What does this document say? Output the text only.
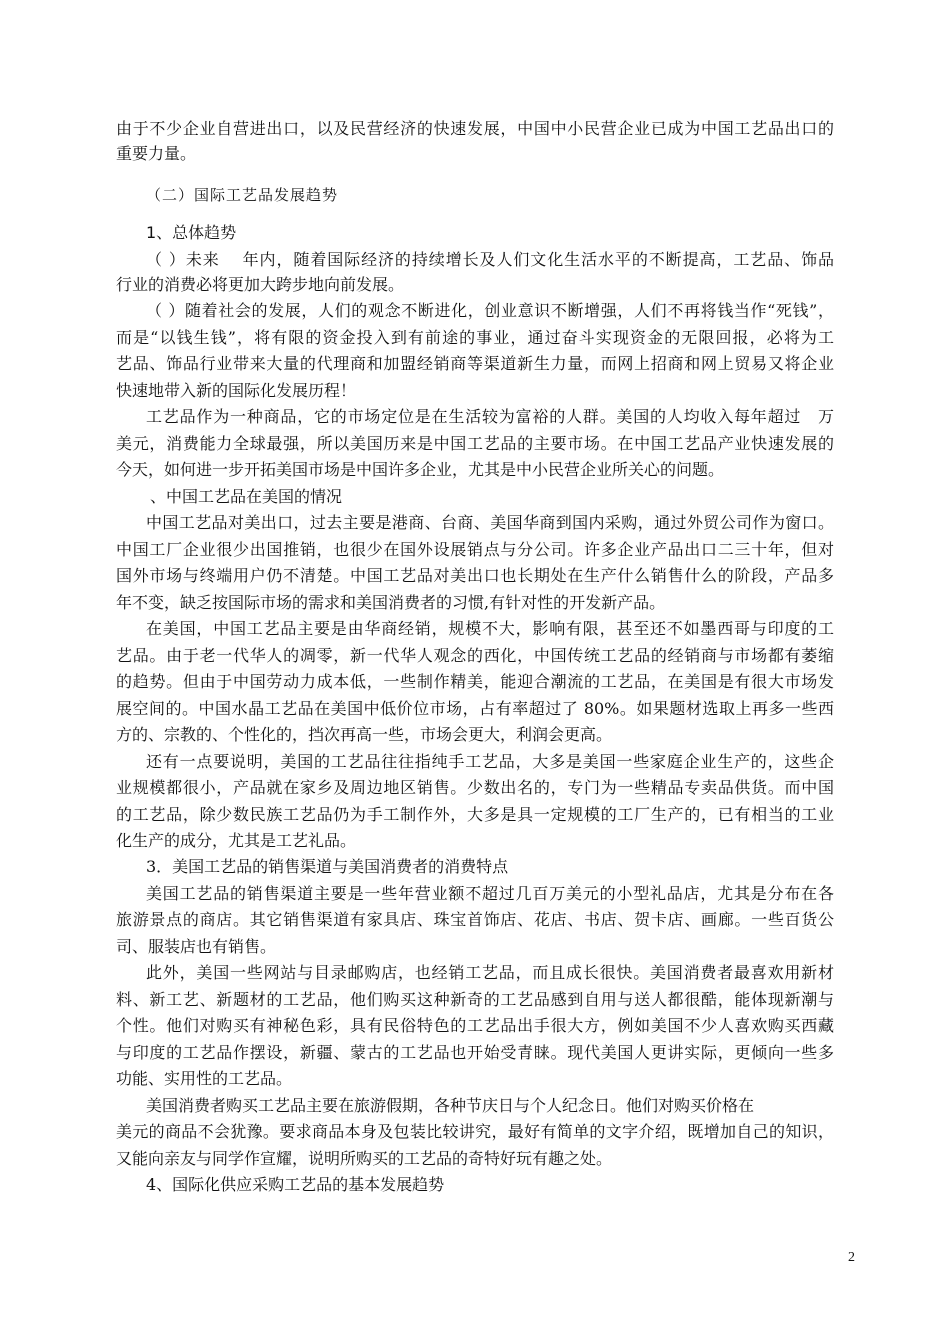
由于不少企业自营进出口，以及民营经济的快速发展，中国中小民营企业已成为中国工艺品出口的

重要力量。

（二）国际工艺品发展趋势

1、总体趋势

（ ）未来 　年内，随着国际经济的持续增长及人们文化生活水平的不断提高，工艺品、饰品

行业的消费必将更加大跨步地向前发展。

（ ）随着社会的发展，人们的观念不断进化，创业意识不断增强，人们不再将钱当作“死钱”，

而是“以钱生钱”，将有限的资金投入到有前途的事业，通过奋斗实现资金的无限回报，必将为工

艺品、饰品行业带来大量的代理商和加盟经销商等渠道新生力量，而网上招商和网上贸易又将企业

快速地带入新的国际化发展历程！

工艺品作为一种商品，它的市场定位是在生活较为富裕的人群。美国的人均收入每年超过　万

美元，消费能力全球最强，所以美国历来是中国工艺品的主要市场。在中国工艺品产业快速发展的

今天，如何进一步开拓美国市场是中国许多企业，尤其是中小民营企业所关心的问题。

、中国工艺品在美国的情况

中国工艺品对美出口，过去主要是港商、台商、美国华商到国内采购，通过外贸公司作为窗口。

中国工厂企业很少出国推销，也很少在国外设展销点与分公司。许多企业产品出口二三十年，但对

国外市场与终端用户仍不清楚。中国工艺品对美出口也长期处在生产什么销售什么的阶段，产品多

年不变，缺乏按国际市场的需求和美国消费者的习惯,有针对性的开发新产品。

在美国，中国工艺品主要是由华商经销，规模不大，影响有限，甚至还不如墨西哥与印度的工

艺品。由于老一代华人的凋零，新一代华人观念的西化，中国传统工艺品的经销商与市场都有萎缩

的趋势。但由于中国劳动力成本低，一些制作精美，能迎合潮流的工艺品，在美国是有很大市场发

展空间的。中国水晶工艺品在美国中低价位市场，占有率超过了 80%。如果题材选取上再多一些西

方的、宗教的、个性化的，挡次再高一些，市场会更大，利润会更高。

还有一点要说明，美国的工艺品往往指纯手工艺品，大多是美国一些家庭企业生产的，这些企

业规模都很小，产品就在家乡及周边地区销售。少数出名的，专门为一些精品专卖品供货。而中国

的工艺品，除少数民族工艺品仍为手工制作外，大多是具一定规模的工厂生产的，已有相当的工业

化生产的成分，尤其是工艺礼品。

3．美国工艺品的销售渠道与美国消费者的消费特点

美国工艺品的销售渠道主要是一些年营业额不超过几百万美元的小型礼品店，尤其是分布在各

旅游景点的商店。其它销售渠道有家具店、珠宝首饰店、花店、书店、贺卡店、画廊。一些百货公

司、服装店也有销售。

此外，美国一些网站与目录邮购店，也经销工艺品，而且成长很快。美国消费者最喜欢用新材

料、新工艺、新题材的工艺品，他们购买这种新奇的工艺品感到自用与送人都很酷，能体现新潮与

个性。他们对购买有神秘色彩，具有民俗特色的工艺品出手很大方，例如美国不少人喜欢购买西藏

与印度的工艺品作摆设，新疆、蒙古的工艺品也开始受青睐。现代美国人更讲实际，更倾向一些多

功能、实用性的工艺品。

美国消费者购买工艺品主要在旅游假期，各种节庆日与个人纪念日。他们对购买价格在

美元的商品不会犹豫。要求商品本身及包装比较讲究，最好有简单的文字介绍，既增加自己的知识，

又能向亲友与同学作宣耀，说明所购买的工艺品的奇特好玩有趣之处。

4、国际化供应采购工艺品的基本发展趋势

2
